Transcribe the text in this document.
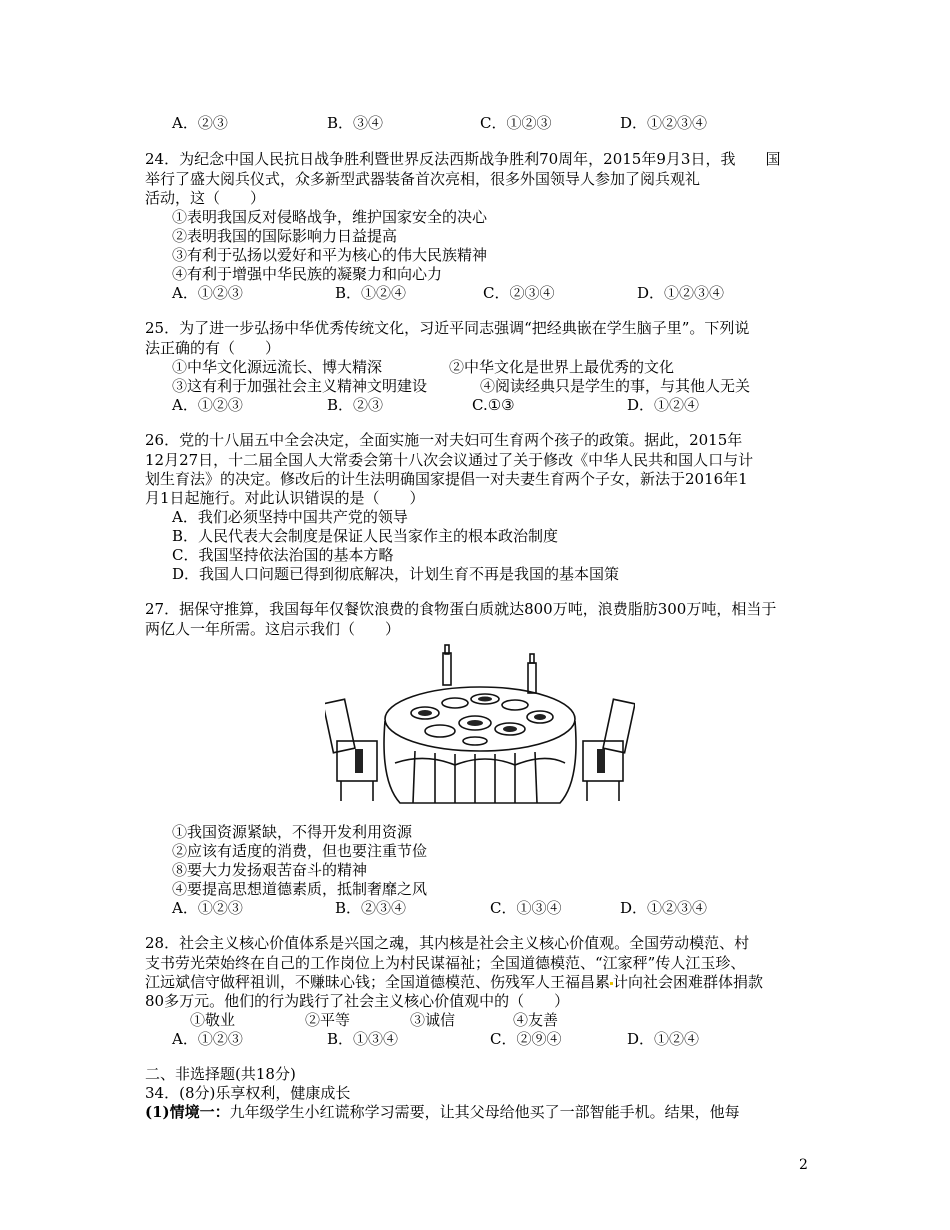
A．②③	B．③④	C．①②③	D．①②③④
24．为纪念中国人民抗日战争胜利暨世界反法西斯战争胜利70周年，2015年9月3日，我　　国
举行了盛大阅兵仪式，众多新型武器装备首次亮相，很多外国领导人参加了阅兵观礼
活动，这（　　）
①表明我国反对侵略战争，维护国家安全的决心
②表明我国的国际影响力日益提高
③有利于弘扬以爱好和平为核心的伟大民族精神
④有利于增强中华民族的凝聚力和向心力
A．①②③	B．①②④	C．②③④	D．①②③④
25．为了进一步弘扬中华优秀传统文化，习近平同志强调“把经典嵌在学生脑子里”。下列说
法正确的有（　　）
①中华文化源远流长、博大精深	②中华文化是世界上最优秀的文化
③这有利于加强社会主义精神文明建设	④阅读经典只是学生的事，与其他人无关
A．①②③	B．②③	C.①③	D．①②④
26．党的十八届五中全会决定，全面实施一对夫妇可生育两个孩子的政策。据此，2015年
12月27日，十二届全国人大常委会第十八次会议通过了关于修改《中华人民共和国人口与计
划生育法》的决定。修改后的计生法明确国家提倡一对夫妻生育两个子女，新法于2016年1
月1日起施行。对此认识错误的是（　　）
A．我们必须坚持中国共产党的领导
B．人民代表大会制度是保证人民当家作主的根本政治制度
C．我国坚持依法治国的基本方略
D．我国人口问题已得到彻底解决，计划生育不再是我国的基本国策
27．据保守推算，我国每年仅餐饮浪费的食物蛋白质就达800万吨，浪费脂肪300万吨，相当于
两亿人一年所需。这启示我们（　　）
①我国资源紧缺，不得开发利用资源
②应该有适度的消费，但也要注重节俭
⑧要大力发扬艰苦奋斗的精神
④要提高思想道德素质，抵制奢靡之风
A．①②③	B．②③④	C．①③④	D．①②③④
28．社会主义核心价值体系是兴国之魂，其内核是社会主义核心价值观。全国劳动模范、村
支书劳光荣始终在自己的工作岗位上为村民谋福祉；全国道德模范、“江家秤”传人江玉珍、
江远斌信守做秤祖训，不赚昧心钱；全国道德模范、伤残军人王福昌累 计向社会困难群体捐款
80多万元。他们的行为践行了社会主义核心价值观中的（　　）
①敬业	②平等	③诚信	④友善
A．①②③	B．①③④	C．②⑨④	D．①②④
二、非选择题(共18分)
34．(8分)乐享权利，健康成长
(1)情境一：九年级学生小红谎称学习需要，让其父母给他买了一部智能手机。结果，他每
2
